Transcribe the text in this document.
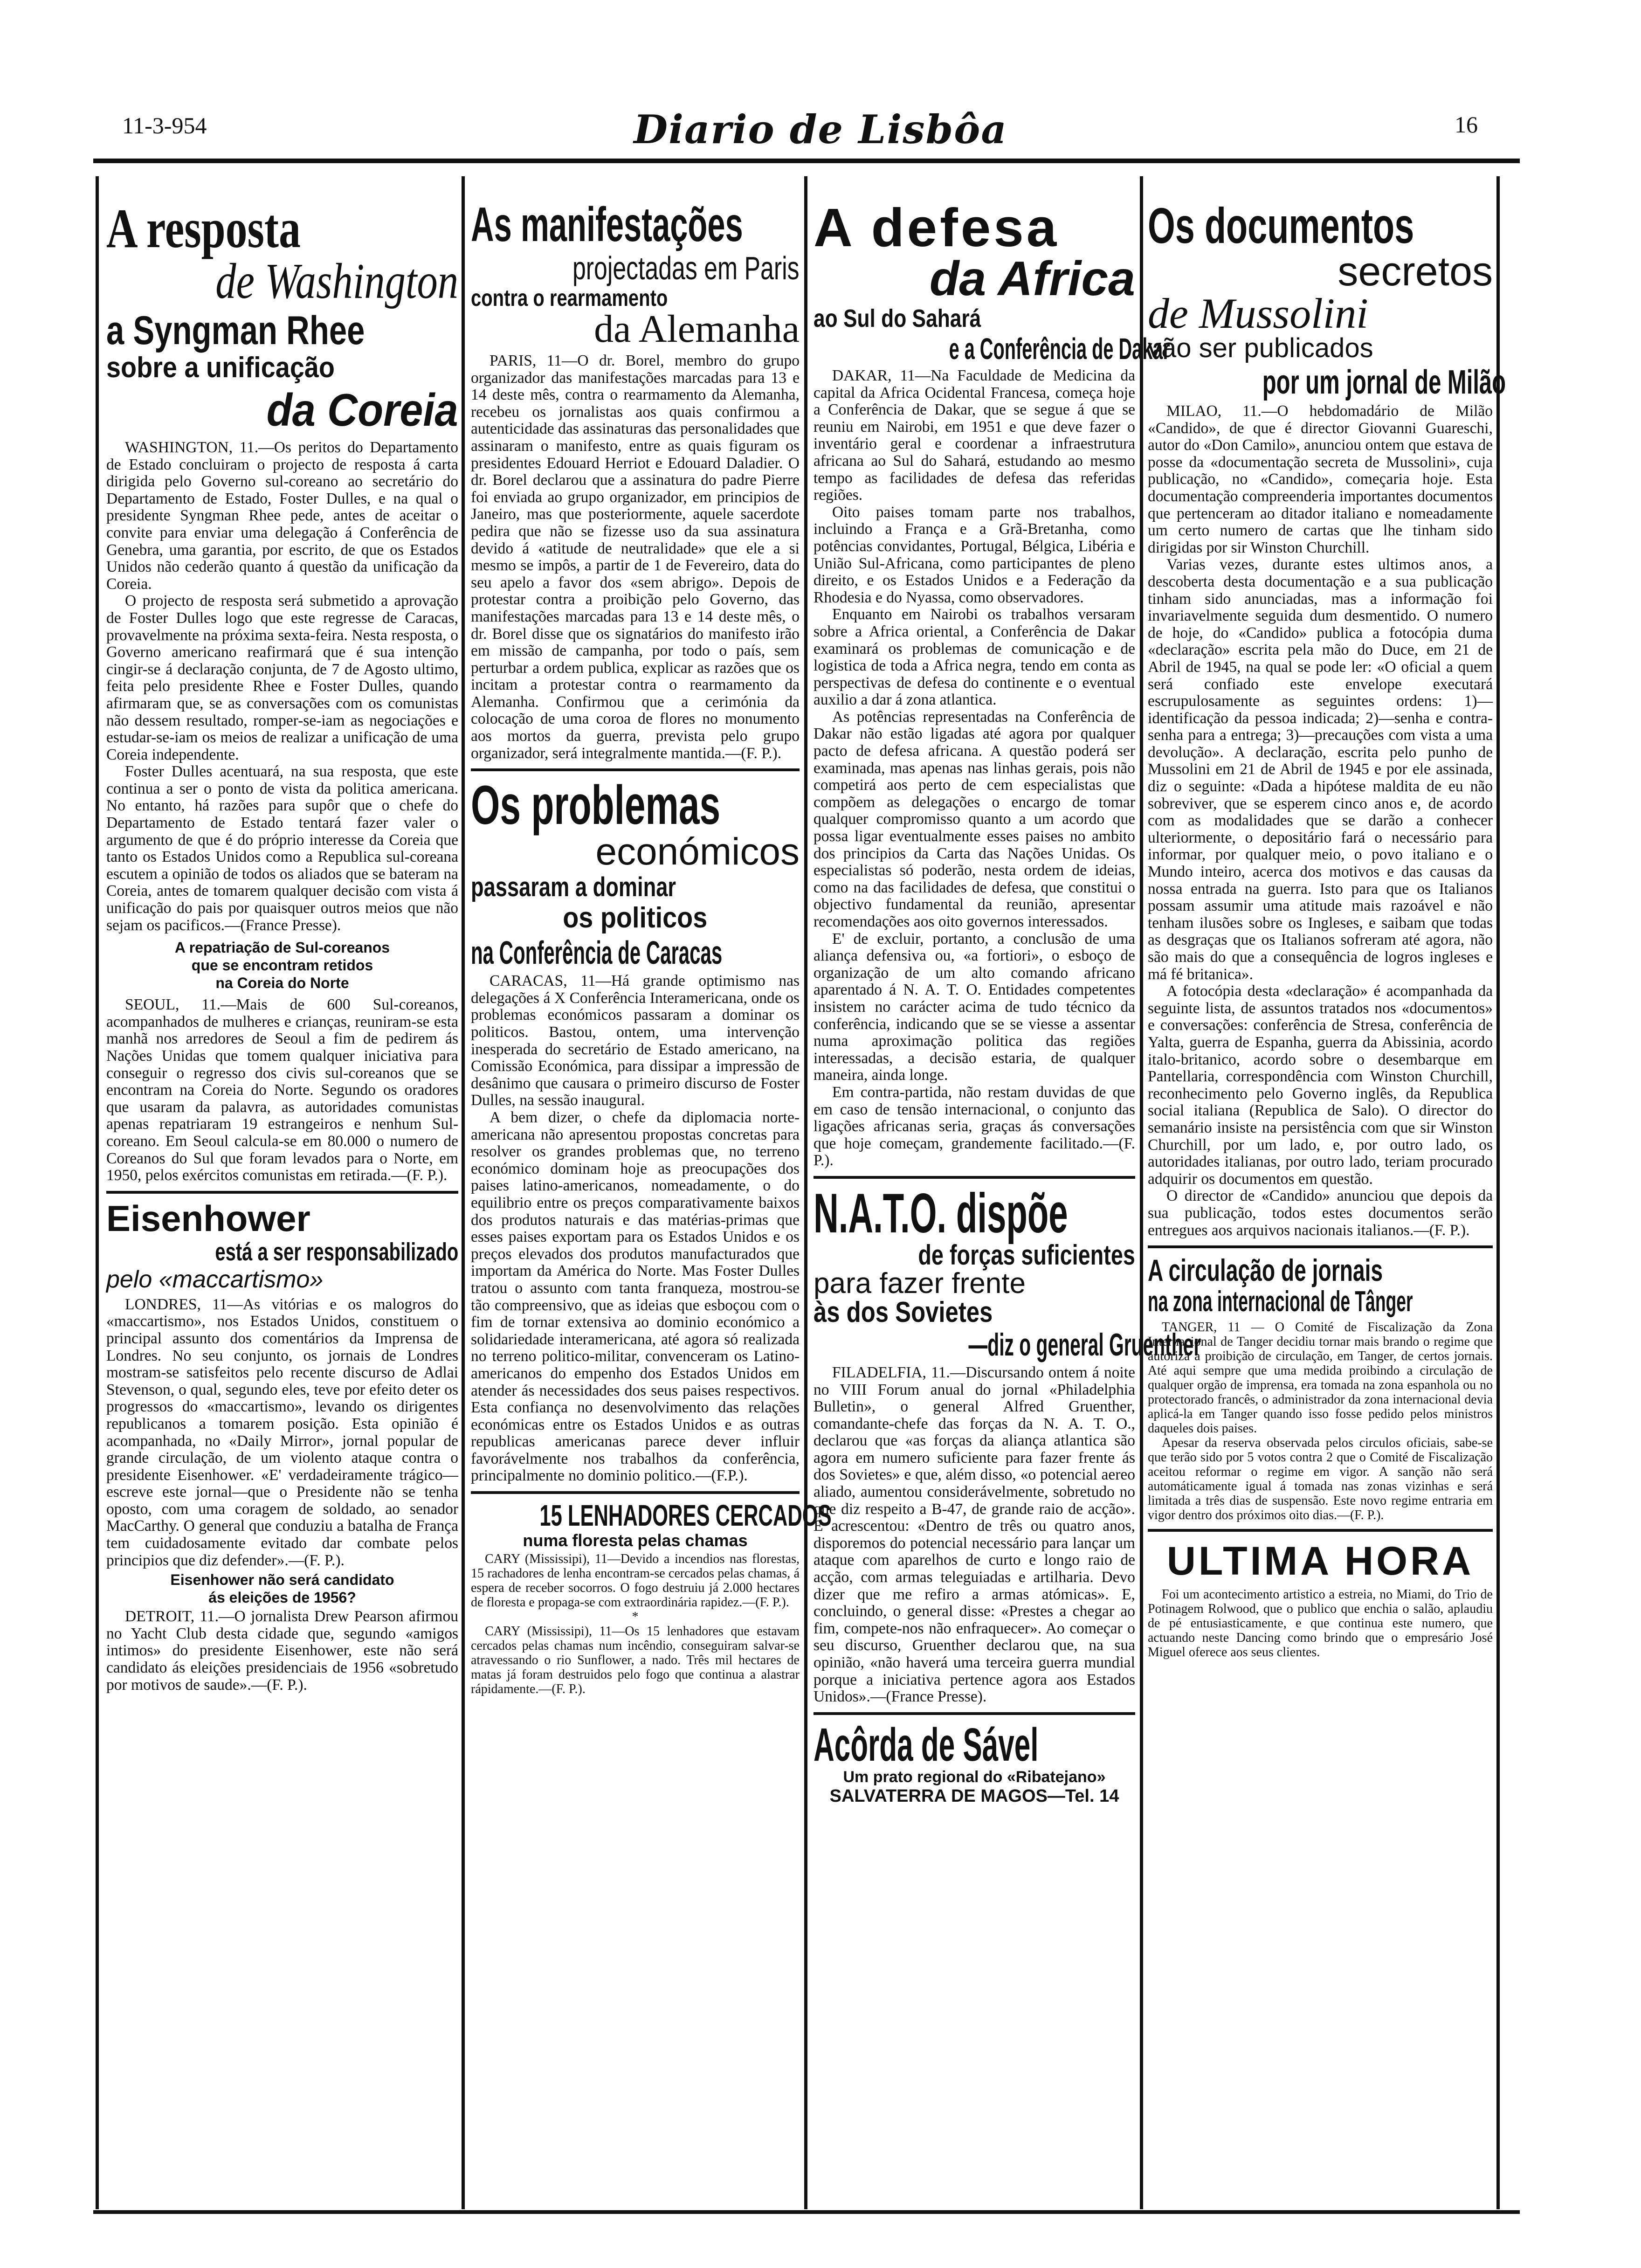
11-3-954	Diario de Lisbôa	16
A resposta
de Washington
a Syngman Rhee
sobre a unificação
da Coreia

WASHINGTON, 11.—Os peritos do Departamento de Estado concluiram o projecto de resposta á carta dirigida pelo Governo sul-coreano ao secretário do Departamento de Estado, Foster Dulles, e na qual o presidente Syngman Rhee pede, antes de aceitar o convite para enviar uma delegação á Conferência de Genebra, uma garantia, por escrito, de que os Estados Unidos não cederão quanto á questão da unificação da Coreia.

O projecto de resposta será submetido a aprovação de Foster Dulles logo que este regresse de Caracas, provavelmente na próxima sexta-feira. Nesta resposta, o Governo americano reafirmará que é sua intenção cingir-se á declaração conjunta, de 7 de Agosto ultimo, feita pelo presidente Rhee e Foster Dulles, quando afirmaram que, se as conversações com os comunistas não dessem resultado, romper-se-iam as negociações e estudar-se-iam os meios de realizar a unificação de uma Coreia independente.

Foster Dulles acentuará, na sua resposta, que este continua a ser o ponto de vista da politica americana. No entanto, há razões para supôr que o chefe do Departamento de Estado tentará fazer valer o argumento de que é do próprio interesse da Coreia que tanto os Estados Unidos como a Republica sul-coreana escutem a opinião de todos os aliados que se bateram na Coreia, antes de tomarem qualquer decisão com vista á unificação do pais por quaisquer outros meios que não sejam os pacificos.—(France Presse).

A repatriação de Sul-coreanos
que se encontram retidos
na Coreia do Norte

SEOUL, 11.—Mais de 600 Sul-coreanos, acompanhados de mulheres e crianças, reuniram-se esta manhã nos arredores de Seoul a fim de pedirem ás Nações Unidas que tomem qualquer iniciativa para conseguir o regresso dos civis sul-coreanos que se encontram na Coreia do Norte. Segundo os oradores que usaram da palavra, as autoridades comunistas apenas repatriaram 19 estrangeiros e nenhum Sul-coreano. Em Seoul calcula-se em 80.000 o numero de Coreanos do Sul que foram levados para o Norte, em 1950, pelos exércitos comunistas em retirada.—(F. P.).

Eisenhower
está a ser responsabilizado
pelo «maccartismo»

LONDRES, 11—As vitórias e os malogros do «maccartismo», nos Estados Unidos, constituem o principal assunto dos comentários da Imprensa de Londres. No seu conjunto, os jornais de Londres mostram-se satisfeitos pelo recente discurso de Adlai Stevenson, o qual, segundo eles, teve por efeito deter os progressos do «maccartismo», levando os dirigentes republicanos a tomarem posição. Esta opinião é acompanhada, no «Daily Mirror», jornal popular de grande circulação, de um violento ataque contra o presidente Eisenhower. «E' verdadeiramente trágico—escreve este jornal—que o Presidente não se tenha oposto, com uma coragem de soldado, ao senador MacCarthy. O general que conduziu a batalha de França tem cuidadosamente evitado dar combate pelos principios que diz defender».—(F. P.).

Eisenhower não será candidato
ás eleições de 1956?

DETROIT, 11.—O jornalista Drew Pearson afirmou no Yacht Club desta cidade que, segundo «amigos intimos» do presidente Eisenhower, este não será candidato ás eleições presidenciais de 1956 «sobretudo por motivos de saude».—(F. P.).

As manifestações
projectadas em Paris
contra o rearmamento
da Alemanha

PARIS, 11—O dr. Borel, membro do grupo organizador das manifestações marcadas para 13 e 14 deste mês, contra o rearmamento da Alemanha, recebeu os jornalistas aos quais confirmou a autenticidade das assinaturas das personalidades que assinaram o manifesto, entre as quais figuram os presidentes Edouard Herriot e Edouard Daladier. O dr. Borel declarou que a assinatura do padre Pierre foi enviada ao grupo organizador, em principios de Janeiro, mas que posteriormente, aquele sacerdote pedira que não se fizesse uso da sua assinatura devido á «atitude de neutralidade» que ele a si mesmo se impôs, a partir de 1 de Fevereiro, data do seu apelo a favor dos «sem abrigo». Depois de protestar contra a proibição pelo Governo, das manifestações marcadas para 13 e 14 deste mês, o dr. Borel disse que os signatários do manifesto irão em missão de campanha, por todo o país, sem perturbar a ordem publica, explicar as razões que os incitam a protestar contra o rearmamento da Alemanha. Confirmou que a cerimónia da colocação de uma coroa de flores no monumento aos mortos da guerra, prevista pelo grupo organizador, será integralmente mantida.—(F. P.).

Os problemas
económicos
passaram a dominar
os politicos
na Conferência de Caracas

CARACAS, 11—Há grande optimismo nas delegações á X Conferência Interamericana, onde os problemas económicos passaram a dominar os politicos. Bastou, ontem, uma intervenção inesperada do secretário de Estado americano, na Comissão Económica, para dissipar a impressão de desânimo que causara o primeiro discurso de Foster Dulles, na sessão inaugural.

A bem dizer, o chefe da diplomacia norte-americana não apresentou propostas concretas para resolver os grandes problemas que, no terreno económico dominam hoje as preocupações dos paises latino-americanos, nomeadamente, o do equilibrio entre os preços comparativamente baixos dos produtos naturais e das matérias-primas que esses paises exportam para os Estados Unidos e os preços elevados dos produtos manufacturados que importam da América do Norte. Mas Foster Dulles tratou o assunto com tanta franqueza, mostrou-se tão compreensivo, que as ideias que esboçou com o fim de tornar extensiva ao dominio económico a solidariedade interamericana, até agora só realizada no terreno politico-militar, convenceram os Latino-americanos do empenho dos Estados Unidos em atender ás necessidades dos seus paises respectivos. Esta confiança no desenvolvimento das relações económicas entre os Estados Unidos e as outras republicas americanas parece dever influir favorávelmente nos trabalhos da conferência, principalmente no dominio politico.—(F.P.).

15 LENHADORES CERCADOS
numa floresta pelas chamas

CARY (Mississipi), 11—Devido a incendios nas florestas, 15 rachadores de lenha encontram-se cercados pelas chamas, á espera de receber socorros. O fogo destruiu já 2.000 hectares de floresta e propaga-se com extraordinária rapidez.—(F. P.).

*

CARY (Mississipi), 11—Os 15 lenhadores que estavam cercados pelas chamas num incêndio, conseguiram salvar-se atravessando o rio Sunflower, a nado. Três mil hectares de matas já foram destruidos pelo fogo que continua a alastrar rápidamente.—(F. P.).

A defesa
da Africa
ao Sul do Sahará
e a Conferência de Dakar

DAKAR, 11—Na Faculdade de Medicina da capital da Africa Ocidental Francesa, começa hoje a Conferência de Dakar, que se segue á que se reuniu em Nairobi, em 1951 e que deve fazer o inventário geral e coordenar a infraestrutura africana ao Sul do Sahará, estudando ao mesmo tempo as facilidades de defesa das referidas regiões.

Oito paises tomam parte nos trabalhos, incluindo a França e a Grã-Bretanha, como potências convidantes, Portugal, Bélgica, Libéria e União Sul-Africana, como participantes de pleno direito, e os Estados Unidos e a Federação da Rhodesia e do Nyassa, como observadores.

Enquanto em Nairobi os trabalhos versaram sobre a Africa oriental, a Conferência de Dakar examinará os problemas de comunicação e de logistica de toda a Africa negra, tendo em conta as perspectivas de defesa do continente e o eventual auxilio a dar á zona atlantica.

As potências representadas na Conferência de Dakar não estão ligadas até agora por qualquer pacto de defesa africana. A questão poderá ser examinada, mas apenas nas linhas gerais, pois não competirá aos perto de cem especialistas que compõem as delegações o encargo de tomar qualquer compromisso quanto a um acordo que possa ligar eventualmente esses paises no ambito dos principios da Carta das Nações Unidas. Os especialistas só poderão, nesta ordem de ideias, como na das facilidades de defesa, que constitui o objectivo fundamental da reunião, apresentar recomendações aos oito governos interessados.

E' de excluir, portanto, a conclusão de uma aliança defensiva ou, «a fortiori», o esboço de organização de um alto comando africano aparentado á N. A. T. O. Entidades competentes insistem no carácter acima de tudo técnico da conferência, indicando que se se viesse a assentar numa aproximação politica das regiões interessadas, a decisão estaria, de qualquer maneira, ainda longe.

Em contra-partida, não restam duvidas de que em caso de tensão internacional, o conjunto das ligações africanas seria, graças ás conversações que hoje começam, grandemente facilitado.—(F. P.).

N.A.T.O. dispõe
de forças suficientes
para fazer frente
às dos Sovietes
—diz o general Gruenther

FILADELFIA, 11.—Discursando ontem á noite no VIII Forum anual do jornal «Philadelphia Bulletin», o general Alfred Gruenther, comandante-chefe das forças da N. A. T. O., declarou que «as forças da aliança atlantica são agora em numero suficiente para fazer frente ás dos Sovietes» e que, além disso, «o potencial aereo aliado, aumentou considerávelmente, sobretudo no que diz respeito a B-47, de grande raio de acção». E acrescentou: «Dentro de três ou quatro anos, disporemos do potencial necessário para lançar um ataque com aparelhos de curto e longo raio de acção, com armas teleguiadas e artilharia. Devo dizer que me refiro a armas atómicas». E, concluindo, o general disse: «Prestes a chegar ao fim, compete-nos não enfraquecer». Ao começar o seu discurso, Gruenther declarou que, na sua opinião, «não haverá uma terceira guerra mundial porque a iniciativa pertence agora aos Estados Unidos».—(France Presse).

Acôrda de Sável
Um prato regional do «Ribatejano»
SALVATERRA DE MAGOS—Tel. 14
Os documentos
secretos
de Mussolini
vão ser publicados
por um jornal de Milão

MILAO, 11.—O hebdomadário de Milão «Candido», de que é director Giovanni Guareschi, autor do «Don Camilo», anunciou ontem que estava de posse da «documentação secreta de Mussolini», cuja publicação, no «Candido», começaria hoje. Esta documentação compreenderia importantes documentos que pertenceram ao ditador italiano e nomeadamente um certo numero de cartas que lhe tinham sido dirigidas por sir Winston Churchill.

Varias vezes, durante estes ultimos anos, a descoberta desta documentação e a sua publicação tinham sido anunciadas, mas a informação foi invariavelmente seguida dum desmentido. O numero de hoje, do «Candido» publica a fotocópia duma «declaração» escrita pela mão do Duce, em 21 de Abril de 1945, na qual se pode ler: «O oficial a quem será confiado este envelope executará escrupulosamente as seguintes ordens: 1)—identificação da pessoa indicada; 2)—senha e contra-senha para a entrega; 3)—precauções com vista a uma devolução». A declaração, escrita pelo punho de Mussolini em 21 de Abril de 1945 e por ele assinada, diz o seguinte: «Dada a hipótese maldita de eu não sobreviver, que se esperem cinco anos e, de acordo com as modalidades que se darão a conhecer ulteriormente, o depositário fará o necessário para informar, por qualquer meio, o povo italiano e o Mundo inteiro, acerca dos motivos e das causas da nossa entrada na guerra. Isto para que os Italianos possam assumir uma atitude mais razoável e não tenham ilusões sobre os Ingleses, e saibam que todas as desgraças que os Italianos sofreram até agora, não são mais do que a consequência de logros ingleses e má fé britanica».

A fotocópia desta «declaração» é acompanhada da seguinte lista, de assuntos tratados nos «documentos» e conversações: conferência de Stresa, conferência de Yalta, guerra de Espanha, guerra da Abissinia, acordo italo-britanico, acordo sobre o desembarque em Pantellaria, correspondência com Winston Churchill, reconhecimento pelo Governo inglês, da Republica social italiana (Republica de Salo). O director do semanário insiste na persistência com que sir Winston Churchill, por um lado, e, por outro lado, os autoridades italianas, por outro lado, teriam procurado adquirir os documentos em questão.

O director de «Candido» anunciou que depois da sua publicação, todos estes documentos serão entregues aos arquivos nacionais italianos.—(F. P.).

A circulação de jornais
na zona internacional de Tânger

TANGER, 11 — O Comité de Fiscalização da Zona Internacional de Tanger decidiu tornar mais brando o regime que autoriza a proibição de circulação, em Tanger, de certos jornais. Até aqui sempre que uma medida proibindo a circulação de qualquer orgão de imprensa, era tomada na zona espanhola ou no protectorado francês, o administrador da zona internacional devia aplicá-la em Tanger quando isso fosse pedido pelos ministros daqueles dois paises.

Apesar da reserva observada pelos circulos oficiais, sabe-se que terão sido por 5 votos contra 2 que o Comité de Fiscalização aceitou reformar o regime em vigor. A sanção não será automáticamente igual á tomada nas zonas vizinhas e será limitada a três dias de suspensão. Este novo regime entraria em vigor dentro dos próximos oito dias.—(F. P.).

ULTIMA HORA

Foi um acontecimento artistico a estreia, no Miami, do Trio de Potinagem Rolwood, que o publico que enchia o salão, aplaudiu de pé entusiasticamente, e que continua este numero, que actuando neste Dancing como brindo que o empresário José Miguel oferece aos seus clientes.
